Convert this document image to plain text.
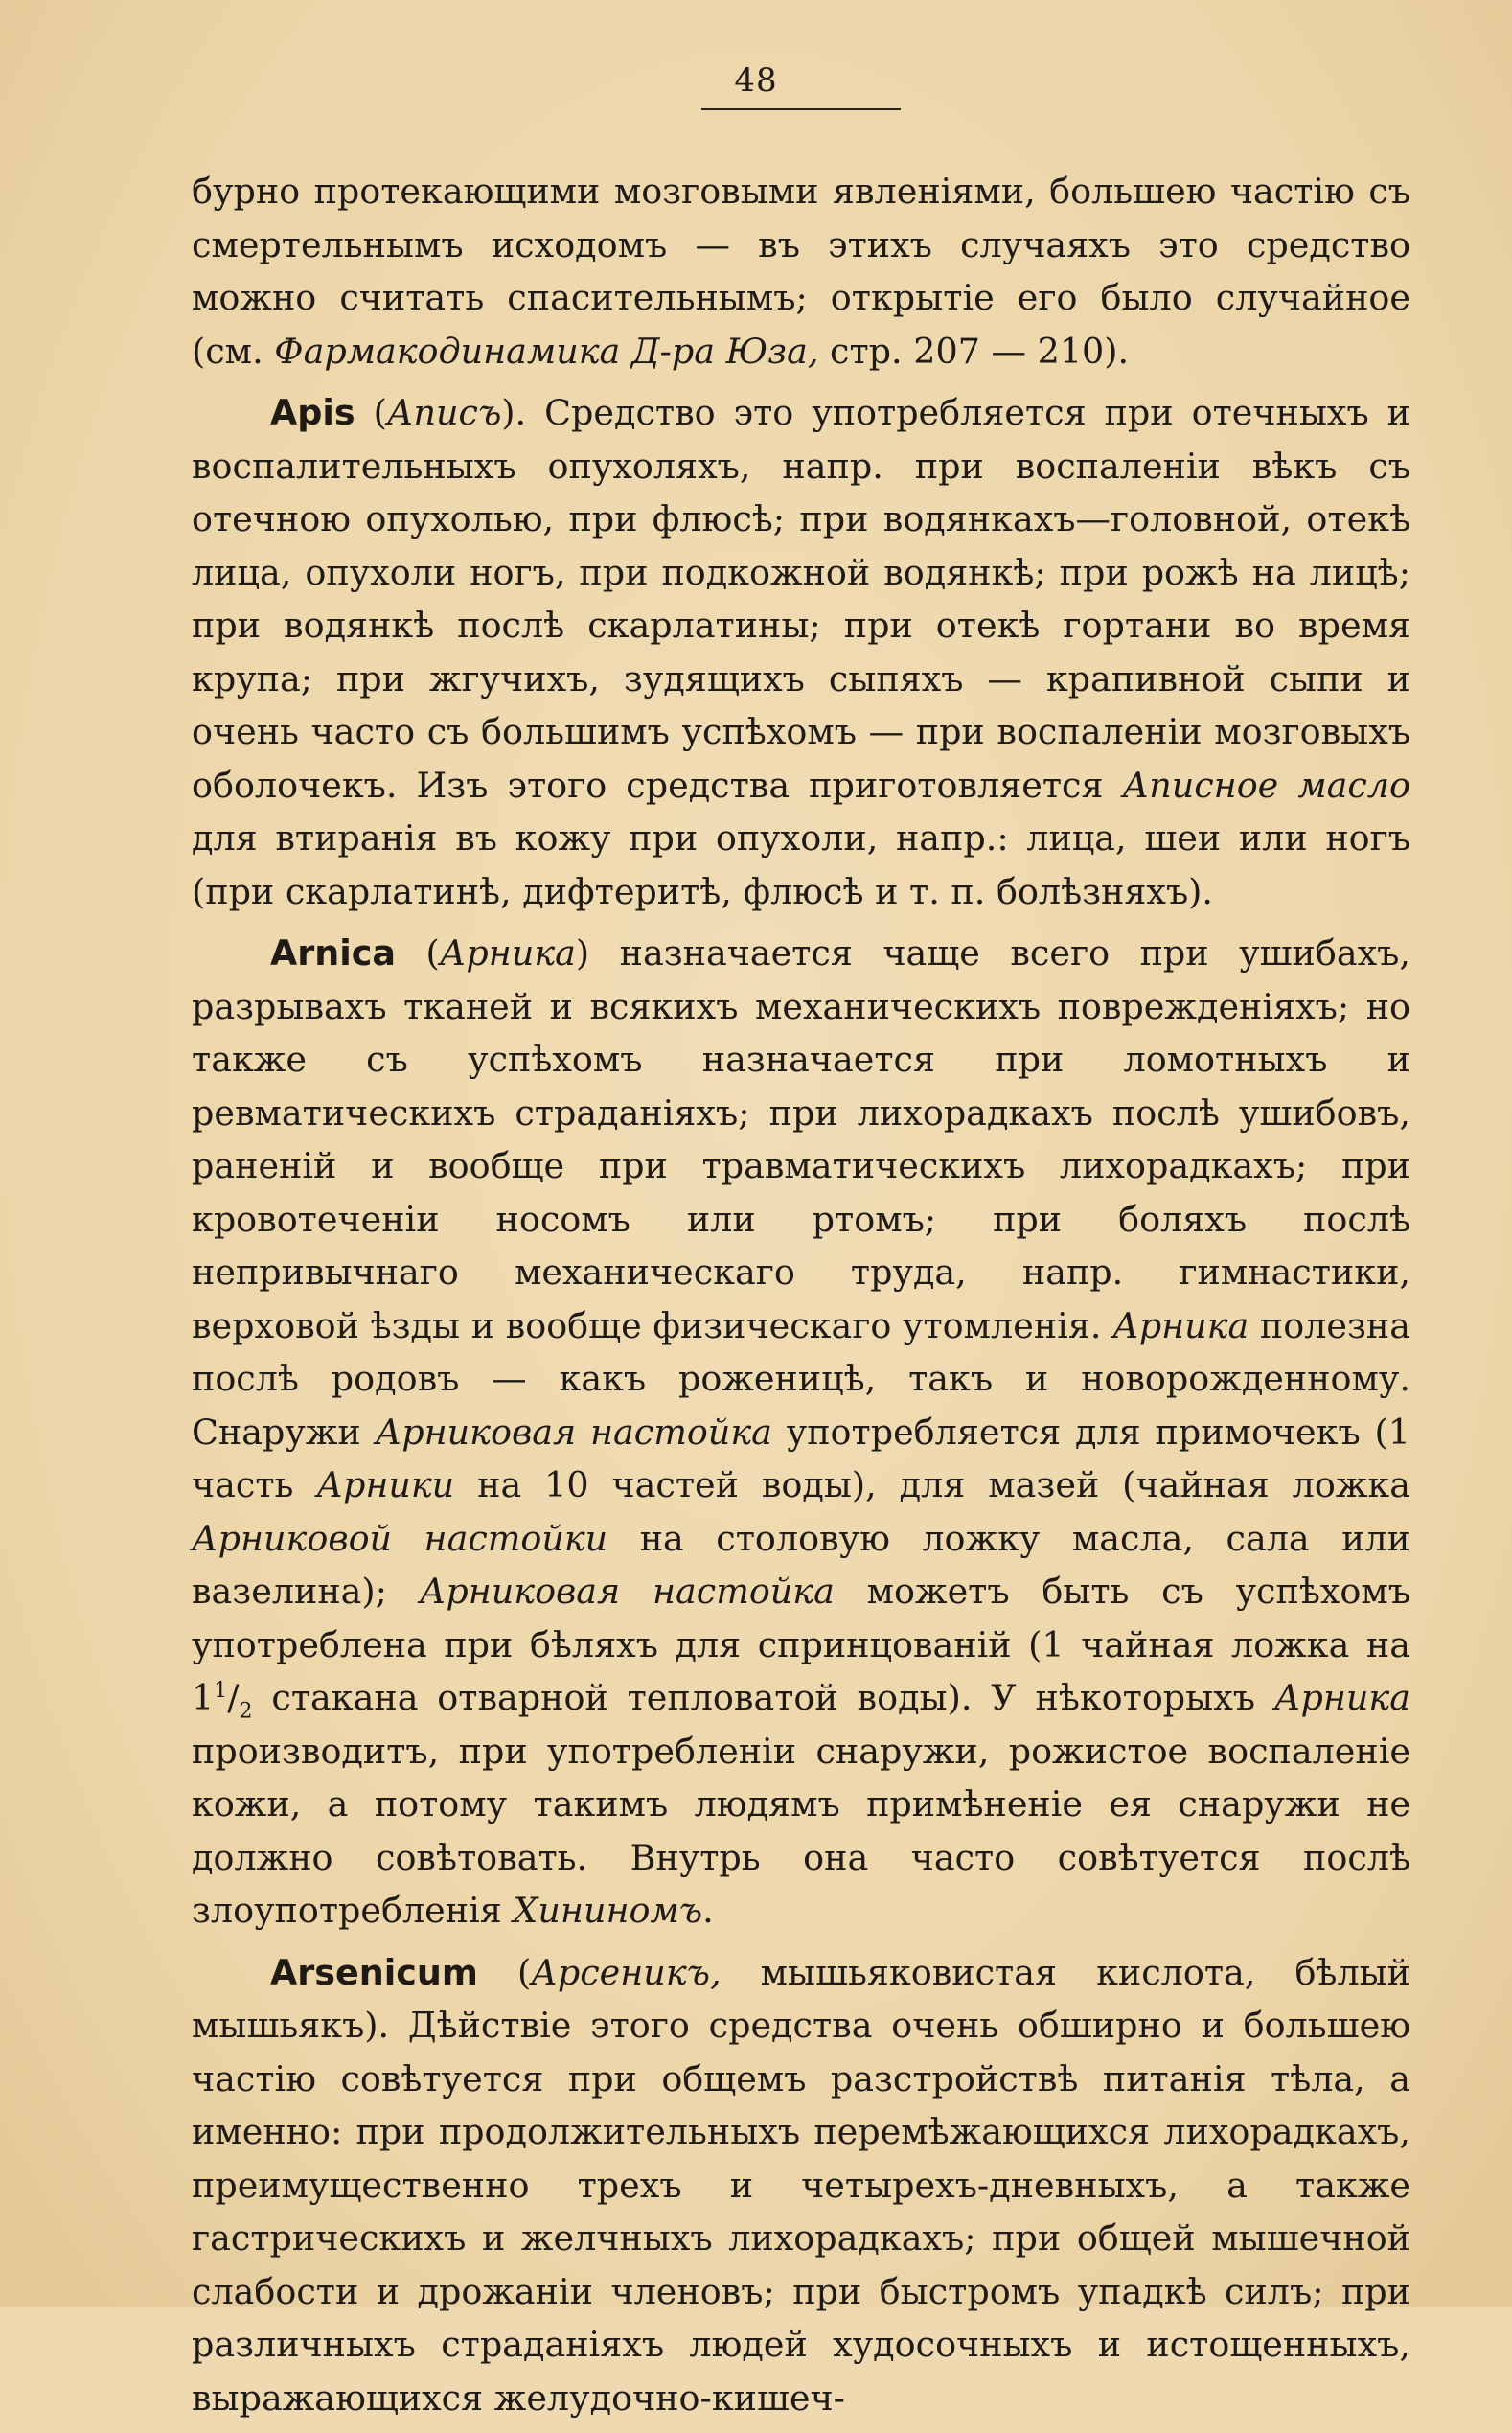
48

бурно протекающими мозговыми явленіями, большею частію съ смертельнымъ исходомъ — въ этихъ случаяхъ это средство можно считать спасительнымъ; открытіе его было случайное (см. Фармакодинамика Д-ра Юза, стр. 207 — 210).

Apis (Аписъ). Средство это употребляется при отечныхъ и воспалительныхъ опухоляхъ, напр. при воспаленіи вѣкъ съ отечною опухолью, при флюсѣ; при водянкахъ—головной, отекѣ лица, опухоли ногъ, при подкожной водянкѣ; при рожѣ на лицѣ; при водянкѣ послѣ скарлатины; при отекѣ гортани во время крупа; при жгучихъ, зудящихъ сыпяхъ — крапивной сыпи и очень часто съ большимъ успѣхомъ — при воспаленіи мозговыхъ оболочекъ. Изъ этого средства приготовляется Аписное масло для втиранія въ кожу при опухоли, напр.: лица, шеи или ногъ (при скарлатинѣ, дифтеритѣ, флюсѣ и т. п. болѣзняхъ).

Arnica (Арника) назначается чаще всего при ушибахъ, разрывахъ тканей и всякихъ механическихъ поврежденіяхъ; но также съ успѣхомъ назначается при ломотныхъ и ревматическихъ страданіяхъ; при лихорадкахъ послѣ ушибовъ, раненій и вообще при травматическихъ лихорадкахъ; при кровотеченіи носомъ или ртомъ; при боляхъ послѣ непривычнаго механическаго труда, напр. гимнастики, верховой ѣзды и вообще физическаго утомленія. Арника полезна послѣ родовъ — какъ роженицѣ, такъ и новорожденному. Снаружи Арниковая настойка употребляется для примочекъ (1 часть Арники на 10 частей воды), для мазей (чайная ложка Арниковой настойки на столовую ложку масла, сала или вазелина); Арниковая настойка можетъ быть съ успѣхомъ употреблена при бѣляхъ для спринцованій (1 чайная ложка на $1^1/_2$ стакана отварной тепловатой воды). У нѣкоторыхъ Арника производитъ, при употребленіи снаружи, рожистое воспаленіе кожи, а потому такимъ людямъ примѣненіе ея снаружи не должно совѣтовать. Внутрь она часто совѣтуется послѣ злоупотребленія Хининомъ.

Arsenicum (Арсеникъ, мышьяковистая кислота, бѣлый мышьякъ). Дѣйствіе этого средства очень обширно и большею частію совѣтуется при общемъ разстройствѣ питанія тѣла, а именно: при продолжительныхъ перемѣжающихся лихорадкахъ, преимущественно трехъ и четырехъ-дневныхъ, а также гастрическихъ и желчныхъ лихорадкахъ; при общей мышечной слабости и дрожаніи членовъ; при быстромъ упадкѣ силъ; при различныхъ страданіяхъ людей худосочныхъ и истощенныхъ, выражающихся желудочно-кишеч-
